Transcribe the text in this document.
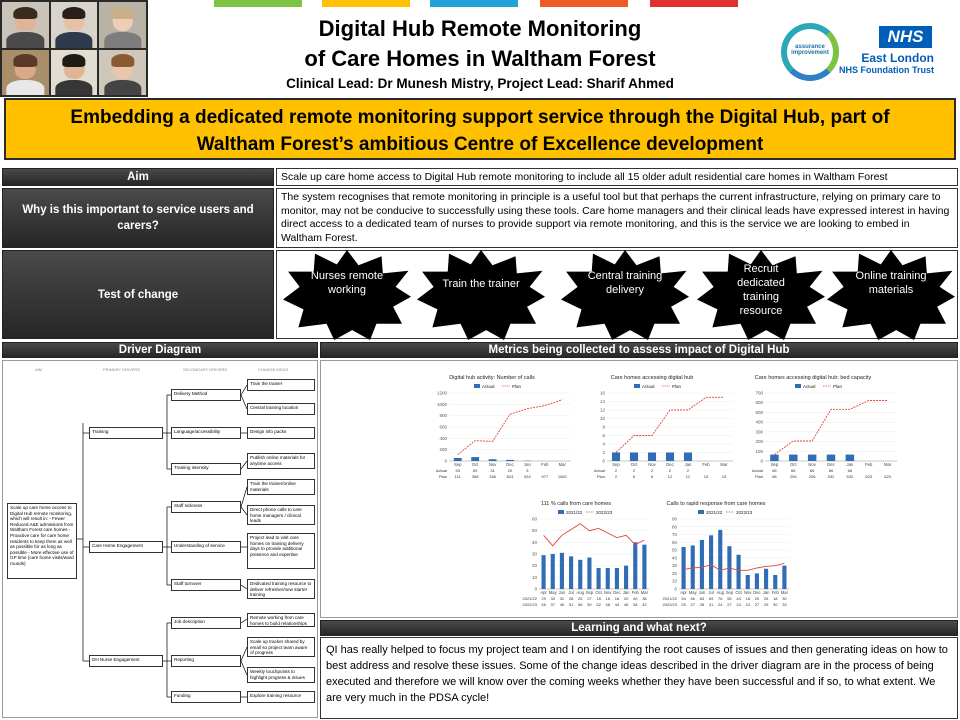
Digital Hub Remote Monitoring
of Care Homes in Waltham Forest
Clinical Lead: Dr Munesh Mistry, Project Lead: Sharif Ahmed
assurance improvement
NHS
East London
NHS Foundation Trust
Embedding a dedicated remote monitoring support service through the Digital Hub, part of
Waltham Forest’s ambitious Centre of Excellence development
Aim	Scale up care home access to Digital Hub remote monitoring to include all 15 older adult residential care homes in Waltham Forest
Why is this important to service users and carers?
The system recognises that remote monitoring in principle is a useful tool but that perhaps the current infrastructure, relying on primary care to monitor, may not be conducive to successfully using these tools. Care home managers and their clinical leads have expressed interest in having direct access to a dedicated team of nurses to provide support via remote monitoring, and this is the service we are looking to embed in Waltham Forest.
Test of change
Nurses remote working	Train the trainer
Central training delivery
Recruit dedicated training resource
Online training materials
Driver Diagram	Metrics being collected to assess impact of Digital Hub
AIM	PRIMARY DRIVERS	SECONDARY DRIVERS	CHANGE IDEAS
Scale up care home access to Digital Hub remote monitoring, which will result in: - Fewer Reduced A&E admissions from Waltham Forest care homes - Proactive care for care home residents to keep them as well as possible for as long as possible - More effective use of GP time (care home visits/ward rounds)
Training
Care Home Engagement
DH Nurse Engagement
Delivery Method
Language/accessibility
Training intensity
Staff sickness
Understanding of service
Staff turnover
Job description
Reporting
Funding
Train the trainer
Central training location
Design info packs
Publish online materials for anytime access
Train the trainer/online materials
Direct phone calls to care home managers / clinical leads
Project lead to visit care homes on training delivery days to provide additional presence and expertise
Dedicated training resource to deliver refresher/new starter training
Remote working from care homes to build relationships
Scale up tracker shared by email so project team aware of progress
Weekly touchpoints to highlight progress & issues
Explore training resource
Digital hub activity: Number of calls
Actual	Plan
0
200
400
600
800
1000
1200
Sep Oct Nov Dec Jan Feb Mar
Actual 53	69	31	20	5
Plan 111	358	346	824	924	977 1082
Care homes accessing digital hub
Actual	Plan
0
2
4
6
8
10
12
14
16
Sep	Oct	Nov	Dec	Jan	Feb	Mar
Actual 2	2	2	2	2
Plan 2	6	6	12	12	15	15
Care homes accessing digital hub: bed capacity
Actual	Plan
0
100
200
300
400
500
600
700
Sep	Oct	Nov	Dec	Jan	Feb	Mar
Actual 66	66	66	66	66
Plan 66	206	206	532	532	623	623
111 % calls from care homes
2021/22	2022/23
0
10
20
30
40
50
60
Apr May Jun Jul Aug Sep Oct Nov Dec Jan Feb Mar
2021/22 29 30 31 28 25 27 18 18 18 20 40 38
2022/23 46 37 46 51 56 50 52 48 44 46 38 42
Calls to rapid response from care homes
2021/22	2022/23
0
10
20
30
40
50
60
70
80
90
Apr May Jun Jul Aug Sep Oct Nov Dec Jan Feb Mar
2021/22 54 56 63 69 76 55 44 18 20 26 18 30
2022/23 25 27 28 31 24 27 24 24 27 29 30 33
Learning and what next?
QI has really helped to focus my project team and I on identifying the root causes of issues and then generating ideas on how to best address and resolve these issues. Some of the change ideas described in the driver diagram are in the process of being executed and therefore we will know over the coming weeks whether they have been successful and if so, to what extent. We are very much in the PDSA cycle!
